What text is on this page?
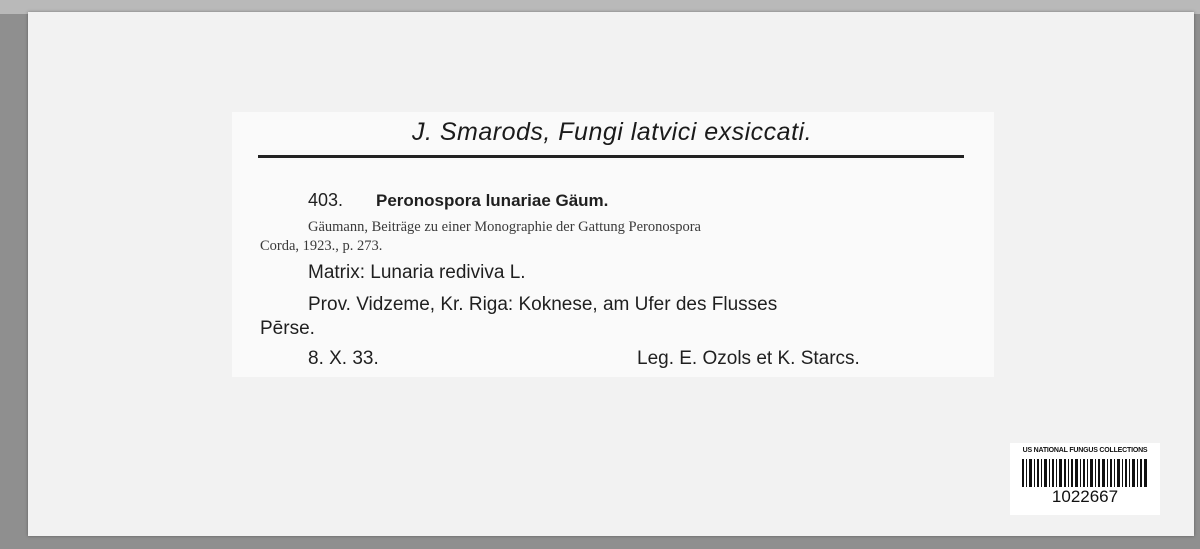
J. Smarods, Fungi latvici exsiccati.
403. Peronospora lunariae Gäum.
Gäumann, Beiträge zu einer Monographie der Gattung Peronospora
Corda, 1923., p. 273.
Matrix: Lunaria rediviva L.
Prov. Vidzeme, Kr. Riga: Koknese, am Ufer des Flusses
Pērse.
8. X. 33.	Leg. E. Ozols et K. Starcs.
US NATIONAL FUNGUS COLLECTIONS
1022667
